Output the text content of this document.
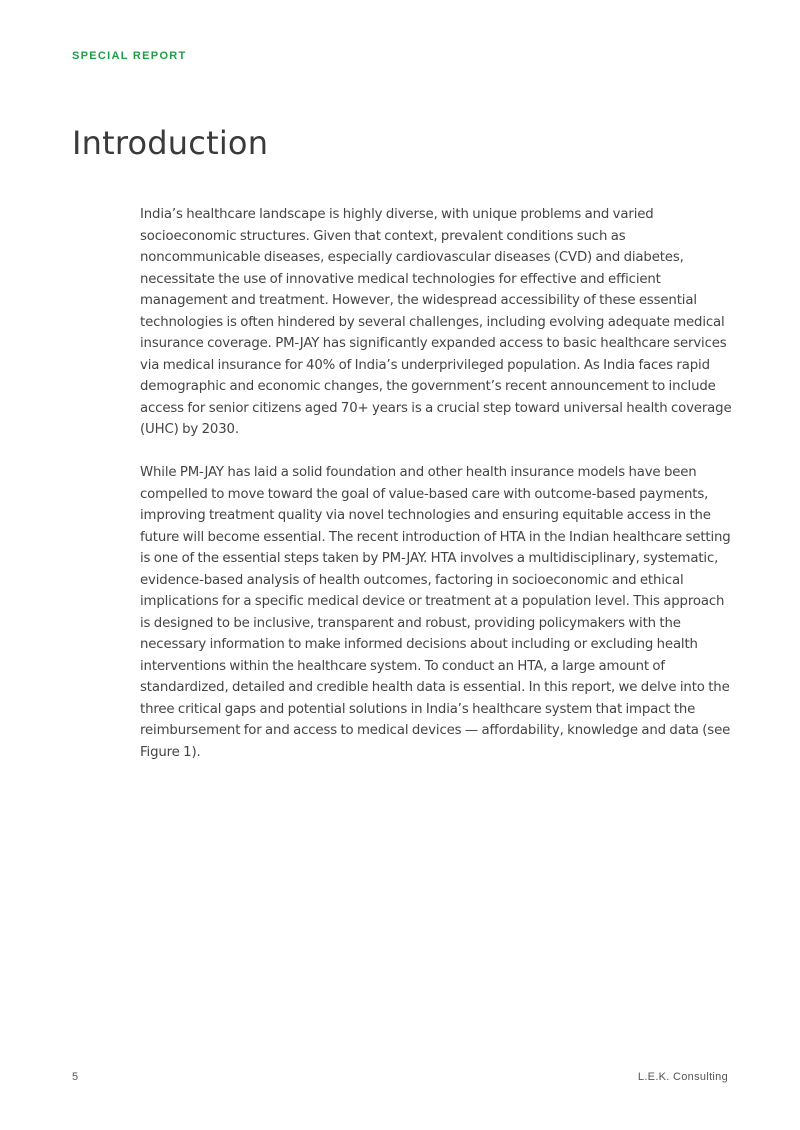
SPECIAL REPORT
Introduction

India’s healthcare landscape is highly diverse, with unique problems and varied socioeconomic structures. Given that context, prevalent conditions such as noncommunicable diseases, especially cardiovascular diseases (CVD) and diabetes, necessitate the use of innovative medical technologies for effective and efficient management and treatment. However, the widespread accessibility of these essential technologies is often hindered by several challenges, including evolving adequate medical insurance coverage. PM-JAY has significantly expanded access to basic healthcare services via medical insurance for 40% of India’s underprivileged population. As India faces rapid demographic and economic changes, the government’s recent announcement to include access for senior citizens aged 70+ years is a crucial step toward universal health coverage (UHC) by 2030.

While PM-JAY has laid a solid foundation and other health insurance models have been compelled to move toward the goal of value-based care with outcome-based payments, improving treatment quality via novel technologies and ensuring equitable access in the future will become essential. The recent introduction of HTA in the Indian healthcare setting is one of the essential steps taken by PM-JAY. HTA involves a multidisciplinary, systematic, evidence-based analysis of health outcomes, factoring in socioeconomic and ethical implications for a specific medical device or treatment at a population level. This approach is designed to be inclusive, transparent and robust, providing policymakers with the necessary information to make informed decisions about including or excluding health interventions within the healthcare system. To conduct an HTA, a large amount of standardized, detailed and credible health data is essential. In this report, we delve into the three critical gaps and potential solutions in India’s healthcare system that impact the reimbursement for and access to medical devices — affordability, knowledge and data (see Figure 1).

5	L.E.K. Consulting
